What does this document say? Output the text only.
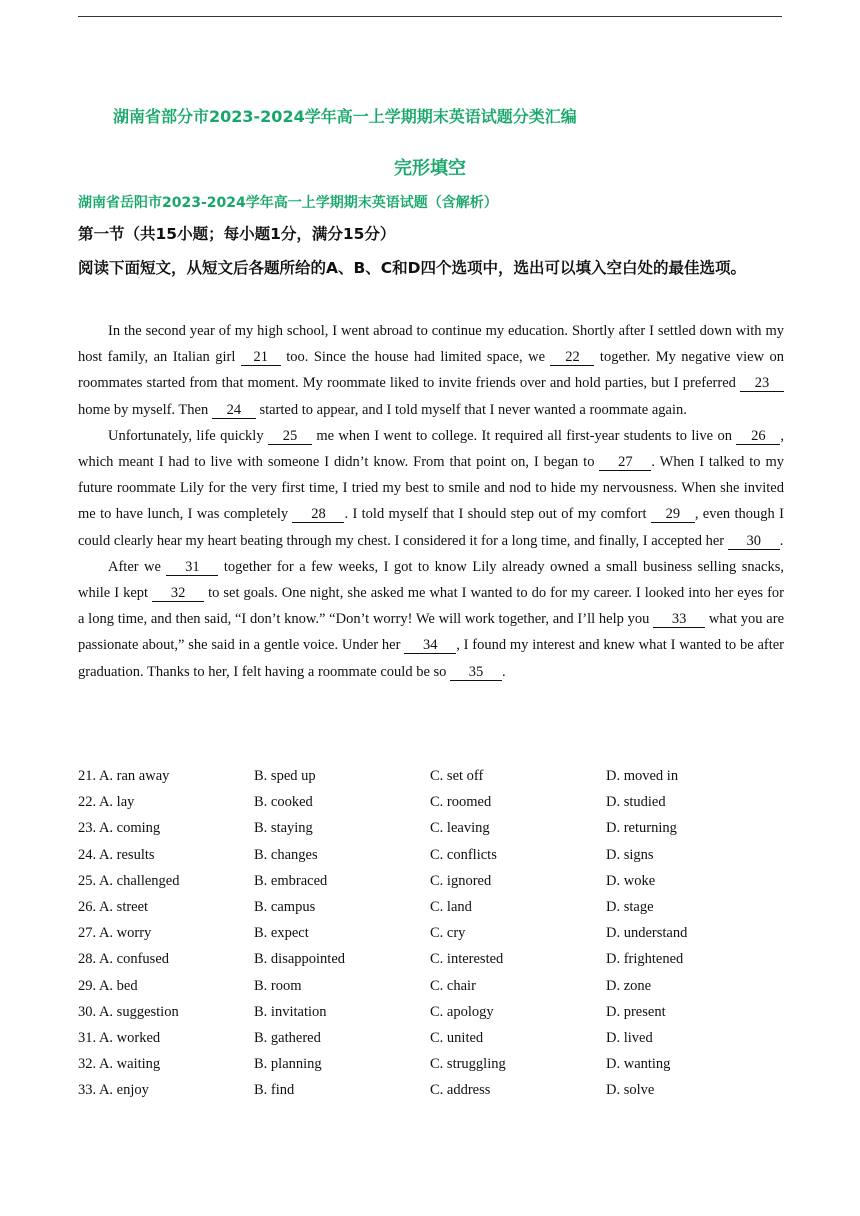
湖南省部分市2023-2024学年高一上学期期末英语试题分类汇编
完形填空
湖南省岳阳市2023-2024学年高一上学期期末英语试题（含解析）
第一节（共15小题；每小题1分，满分15分）
阅读下面短文，从短文后各题所给的A、B、C和D四个选项中，选出可以填入空白处的最佳选项。

In the second year of my high school, I went abroad to continue my education. Shortly after I settled down with my host family, an Italian girl 21 too. Since the house had limited space, we 22 together. My negative view on roommates started from that moment. My roommate liked to invite friends over and hold parties, but I preferred 23 home by myself. Then 24 started to appear, and I told myself that I never wanted a roommate again.

Unfortunately, life quickly 25 me when I went to college. It required all first-year students to live on 26 , which meant I had to live with someone I didn’t know. From that point on, I began to 27 . When I talked to my future roommate Lily for the very first time, I tried my best to smile and nod to hide my nervousness. When she invited me to have lunch, I was completely 28 . I told myself that I should step out of my comfort 29 , even though I could clearly hear my heart beating through my chest. I considered it for a long time, and finally, I accepted her 30 .

After we 31 together for a few weeks, I got to know Lily already owned a small business selling snacks, while I kept 32 to set goals. One night, she asked me what I wanted to do for my career. I looked into her eyes for a long time, and then said, “I don’t know.” “Don’t worry! We will work together, and I’ll help you 33 what you are passionate about,” she said in a gentle voice. Under her 34 , I found my interest and knew what I wanted to be after graduation. Thanks to her, I felt having a roommate could be so 35 .

21. A. ran away	B. sped up	C. set off	D. moved in
22. A. lay	B. cooked	C. roomed	D. studied
23. A. coming	B. staying	C. leaving	D. returning
24. A. results	B. changes	C. conflicts	D. signs
25. A. challenged	B. embraced	C. ignored	D. woke
26. A. street	B. campus	C. land	D. stage
27. A. worry	B. expect	C. cry	D. understand
28. A. confused	B. disappointed	C. interested	D. frightened
29. A. bed	B. room	C. chair	D. zone
30. A. suggestion	B. invitation	C. apology	D. present
31. A. worked	B. gathered	C. united	D. lived
32. A. waiting	B. planning	C. struggling	D. wanting
33. A. enjoy	B. find	C. address	D. solve
